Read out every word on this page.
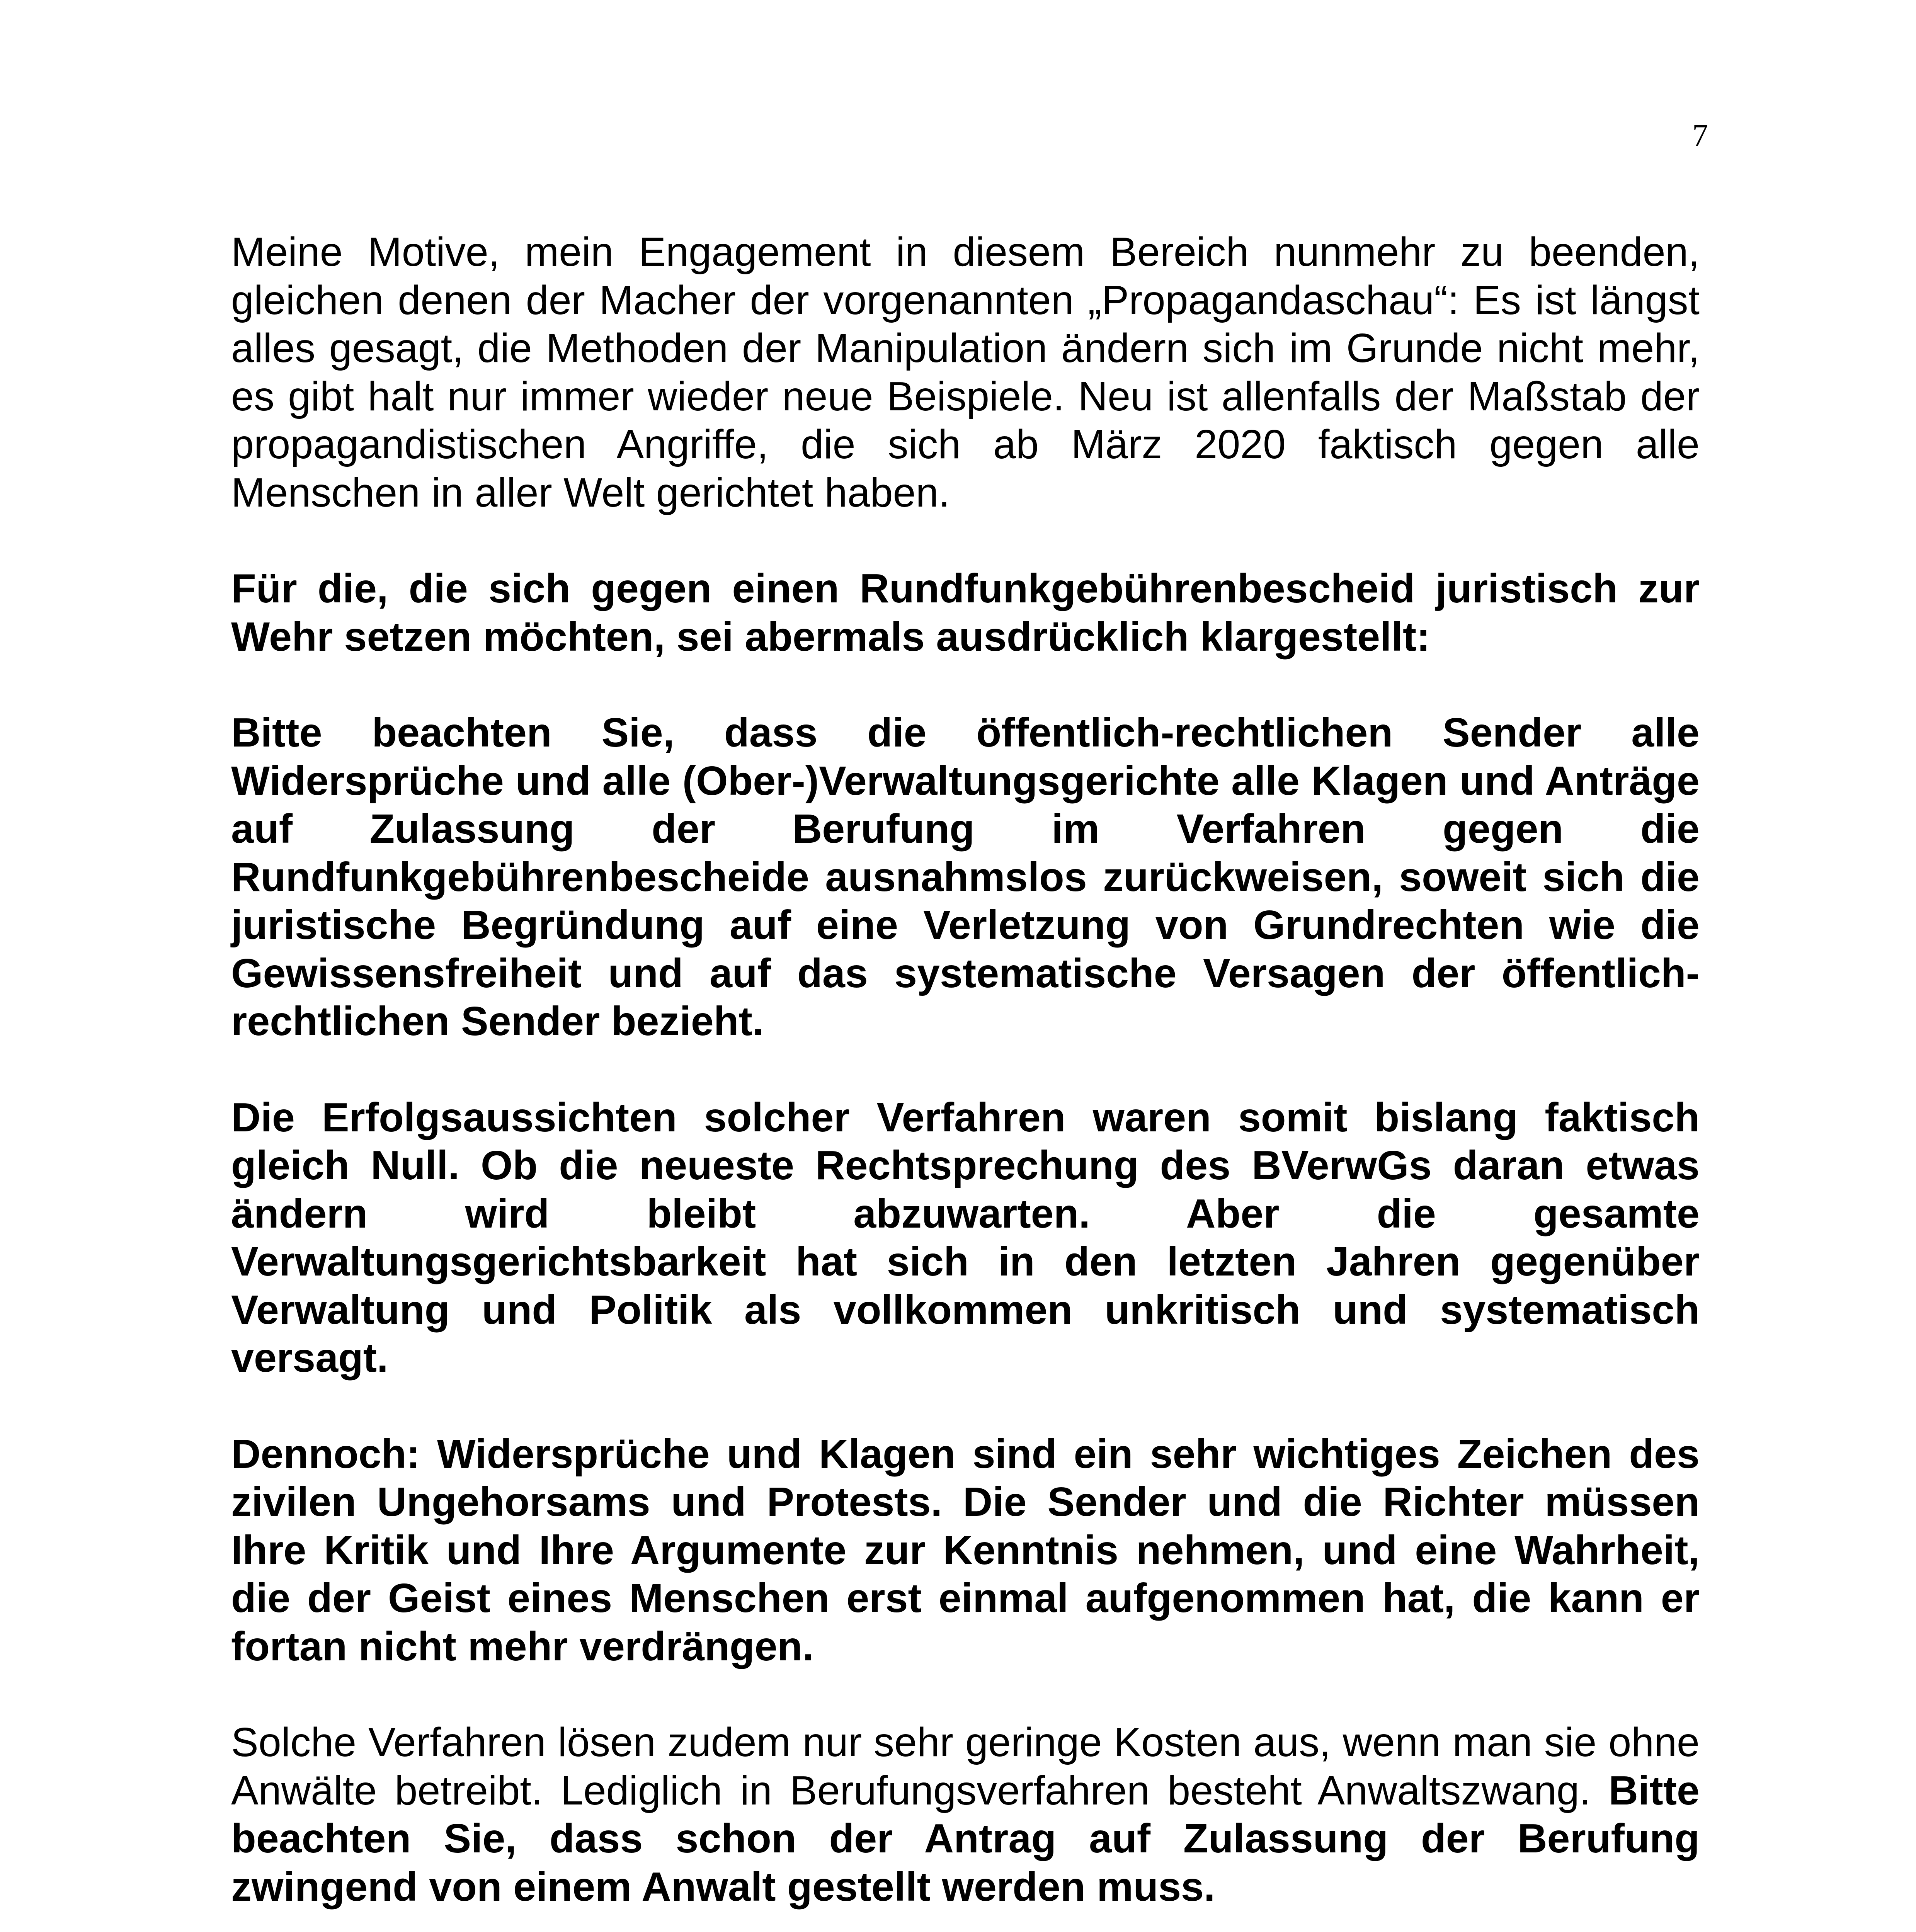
7

Meine Motive, mein Engagement in diesem Bereich nunmehr zu beenden, gleichen denen der Macher der vorgenannten „Propagandaschau“: Es ist längst alles gesagt, die Methoden der Manipulation ändern sich im Grunde nicht mehr, es gibt halt nur immer wieder neue Beispiele. Neu ist allenfalls der Maßstab der propagandistischen Angriffe, die sich ab März 2020 faktisch gegen alle Menschen in aller Welt gerichtet haben.

Für die, die sich gegen einen Rundfunkgebührenbescheid juristisch zur Wehr setzen möchten, sei abermals ausdrücklich klargestellt:

Bitte beachten Sie, dass die öffentlich-rechtlichen Sender alle Widersprüche und alle (Ober-)Verwaltungsgerichte alle Klagen und Anträge auf Zulassung der Berufung im Verfahren gegen die Rundfunkgebührenbescheide ausnahmslos zurückweisen, soweit sich die juristische Begründung auf eine Verletzung von Grundrechten wie die Gewissensfreiheit und auf das systematische Versagen der öffentlich-rechtlichen Sender bezieht.

Die Erfolgsaussichten solcher Verfahren waren somit bislang faktisch gleich Null. Ob die neueste Rechtsprechung des BVerwGs daran etwas ändern wird bleibt abzuwarten. Aber die gesamte Verwaltungsgerichtsbarkeit hat sich in den letzten Jahren gegenüber Verwaltung und Politik als vollkommen unkritisch und systematisch versagt.

Dennoch: Widersprüche und Klagen sind ein sehr wichtiges Zeichen des zivilen Ungehorsams und Protests. Die Sender und die Richter müssen Ihre Kritik und Ihre Argumente zur Kenntnis nehmen, und eine Wahrheit, die der Geist eines Menschen erst einmal aufgenommen hat, die kann er fortan nicht mehr verdrängen.

Solche Verfahren lösen zudem nur sehr geringe Kosten aus, wenn man sie ohne Anwälte betreibt. Lediglich in Berufungsverfahren besteht Anwaltszwang. Bitte beachten Sie, dass schon der Antrag auf Zulassung der Berufung zwingend von einem Anwalt gestellt werden muss.
